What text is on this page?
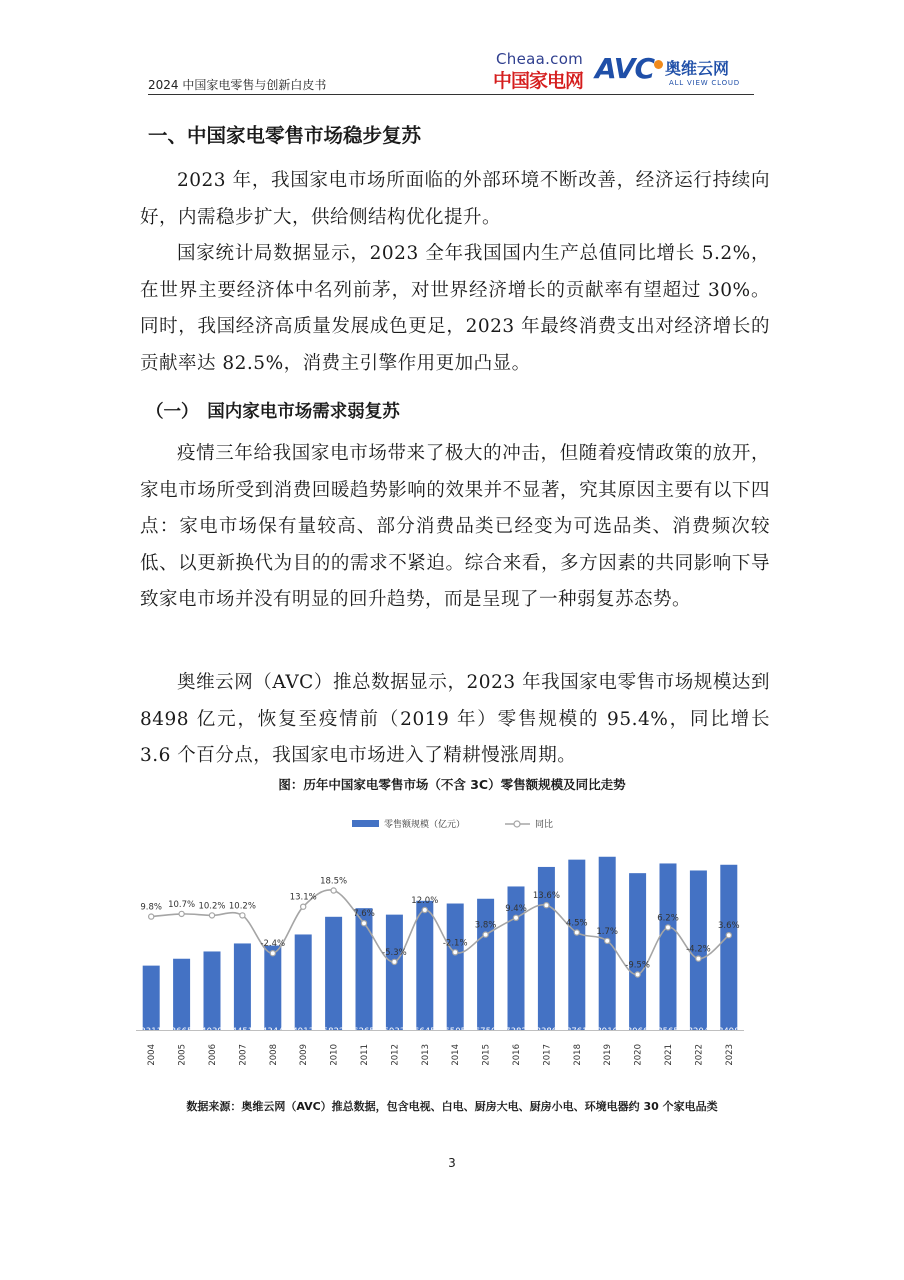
2024 中国家电零售与创新白皮书
Cheaa.com
中国家电网 AVC 奥维云网
ALL VIEW CLOUD
一、中国家电零售市场稳步复苏
2023 年，我国家电市场所面临的外部环境不断改善，经济运行持续向好，内需稳步扩大，供给侧结构优化提升。
国家统计局数据显示，2023 全年我国国内生产总值同比增长 5.2%，在世界主要经济体中名列前茅，对世界经济增长的贡献率有望超过 30%。同时，我国经济高质量发展成色更足，2023 年最终消费支出对经济增长的贡献率达 82.5%，消费主引擎作用更加凸显。
（一）　国内家电市场需求弱复苏
疫情三年给我国家电市场带来了极大的冲击，但随着疫情政策的放开，家电市场所受到消费回暖趋势影响的效果并不显著，究其原因主要有以下四点：家电市场保有量较高、部分消费品类已经变为可选品类、消费频次较低、以更新换代为目的的需求不紧迫。综合来看，多方因素的共同影响下导致家电市场并没有明显的回升趋势，而是呈现了一种弱复苏态势。
奥维云网（AVC）推总数据显示，2023 年我国家电零售市场规模达到 8498 亿元，恢复至疫情前（2019 年）零售规模的 95.4%，同比增长 3.6 个百分点，我国家电市场进入了精耕慢涨周期。
图：历年中国家电零售市场（不含 3C）零售额规模及同比走势
零售额规模（亿元）	同比
3311
2004
3665
2005
4039
2006
4451
2007
4344
2008
4913
2009
5822
2010
6265
2011
5933
2012
6645
2013
6505
2014
6750
2015
7382
2016
8386
2017
8761
2018
8910
2019
8066
2020
8565
2021
8204
2022
8498
2023
9.8% 10.7% 10.2% 10.2%
-2.4%
13.1%
18.5%
7.6%
-5.3%
12.0%
-2.1%
3.8%
9.4%
13.6%
4.5%
1.7%
-9.5%
6.2%
-4.2%
3.6%
数据来源：奥维云网（AVC）推总数据，包含电视、白电、厨房大电、厨房小电、环境电器约 30 个家电品类
3
